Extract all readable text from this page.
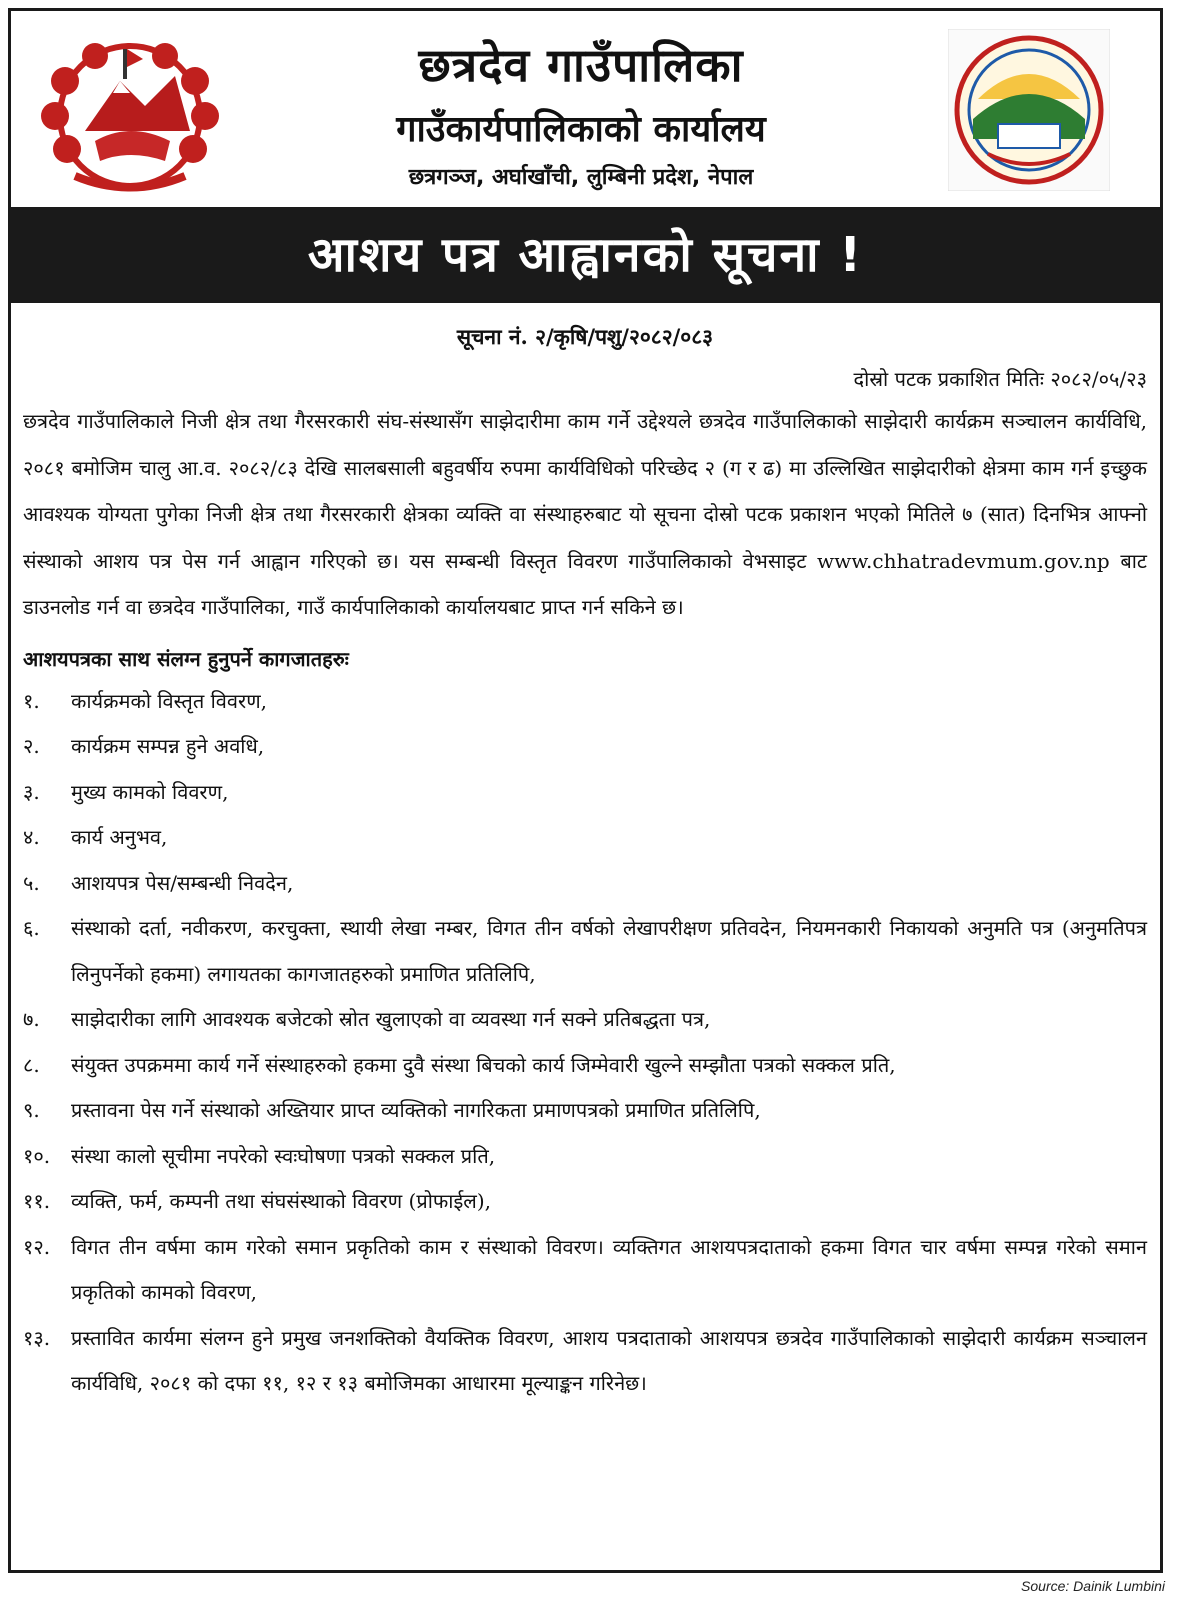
छत्रदेव गाउँपालिका
गाउँकार्यपालिकाको कार्यालय
छत्रगञ्ज, अर्घाखाँची, लुम्बिनी प्रदेश, नेपाल
आशय पत्र आह्वानको सूचना !
सूचना नं. २/कृषि/पशु/२०८२/०८३
दोस्रो पटक प्रकाशित मितिः २०८२/०५/२३
छत्रदेव गाउँपालिकाले निजी क्षेत्र तथा गैरसरकारी संघ-संस्थासँग साझेदारीमा काम गर्ने उद्देश्यले छत्रदेव गाउँपालिकाको साझेदारी कार्यक्रम सञ्चालन कार्यविधि, २०८१ बमोजिम चालु आ.व. २०८२/८३ देखि सालबसाली बहुवर्षीय रुपमा कार्यविधिको परिच्छेद २ (ग र ढ) मा उल्लिखित साझेदारीको क्षेत्रमा काम गर्न इच्छुक आवश्यक योग्यता पुगेका निजी क्षेत्र तथा गैरसरकारी क्षेत्रका व्यक्ति वा संस्थाहरुबाट यो सूचना दोस्रो पटक प्रकाशन भएको मितिले ७ (सात) दिनभित्र आफ्नो संस्थाको आशय पत्र पेस गर्न आह्वान गरिएको छ। यस सम्बन्धी विस्तृत विवरण गाउँपालिकाको वेभसाइट www.chhatradevmum.gov.np बाट डाउनलोड गर्न वा छत्रदेव गाउँपालिका, गाउँ कार्यपालिकाको कार्यालयबाट प्राप्त गर्न सकिने छ।
आशयपत्रका साथ संलग्न हुनुपर्ने कागजातहरुः
१.	कार्यक्रमको विस्तृत विवरण,
२.	कार्यक्रम सम्पन्न हुने अवधि,
३.	मुख्य कामको विवरण,
४.	कार्य अनुभव,
५.	आशयपत्र पेस/सम्बन्धी निवदेन,
६.	संस्थाको दर्ता, नवीकरण, करचुक्ता, स्थायी लेखा नम्बर, विगत तीन वर्षको लेखापरीक्षण प्रतिवदेन, नियमनकारी निकायको अनुमति पत्र (अनुमतिपत्र लिनुपर्नेको हकमा) लगायतका कागजातहरुको प्रमाणित प्रतिलिपि,
७.	साझेदारीका लागि आवश्यक बजेटको स्रोत खुलाएको वा व्यवस्था गर्न सक्ने प्रतिबद्धता पत्र,
८.	संयुक्त उपक्रममा कार्य गर्ने संस्थाहरुको हकमा दुवै संस्था बिचको कार्य जिम्मेवारी खुल्ने सम्झौता पत्रको सक्कल प्रति,
९.	प्रस्तावना पेस गर्ने संस्थाको अख्तियार प्राप्त व्यक्तिको नागरिकता प्रमाणपत्रको प्रमाणित प्रतिलिपि,
१०.	संस्था कालो सूचीमा नपरेको स्वःघोषणा पत्रको सक्कल प्रति,
११.	व्यक्ति, फर्म, कम्पनी तथा संघसंस्थाको विवरण (प्रोफाईल),
१२.	विगत तीन वर्षमा काम गरेको समान प्रकृतिको काम र संस्थाको विवरण। व्यक्तिगत आशयपत्रदाताको हकमा विगत चार वर्षमा सम्पन्न गरेको समान प्रकृतिको कामको विवरण,
१३.	प्रस्तावित कार्यमा संलग्न हुने प्रमुख जनशक्तिको वैयक्तिक विवरण, आशय पत्रदाताको आशयपत्र छत्रदेव गाउँपालिकाको साझेदारी कार्यक्रम सञ्चालन कार्यविधि, २०८१ को दफा ११, १२ र १३ बमोजिमका आधारमा मूल्याङ्कन गरिनेछ।
Source: Dainik Lumbini
